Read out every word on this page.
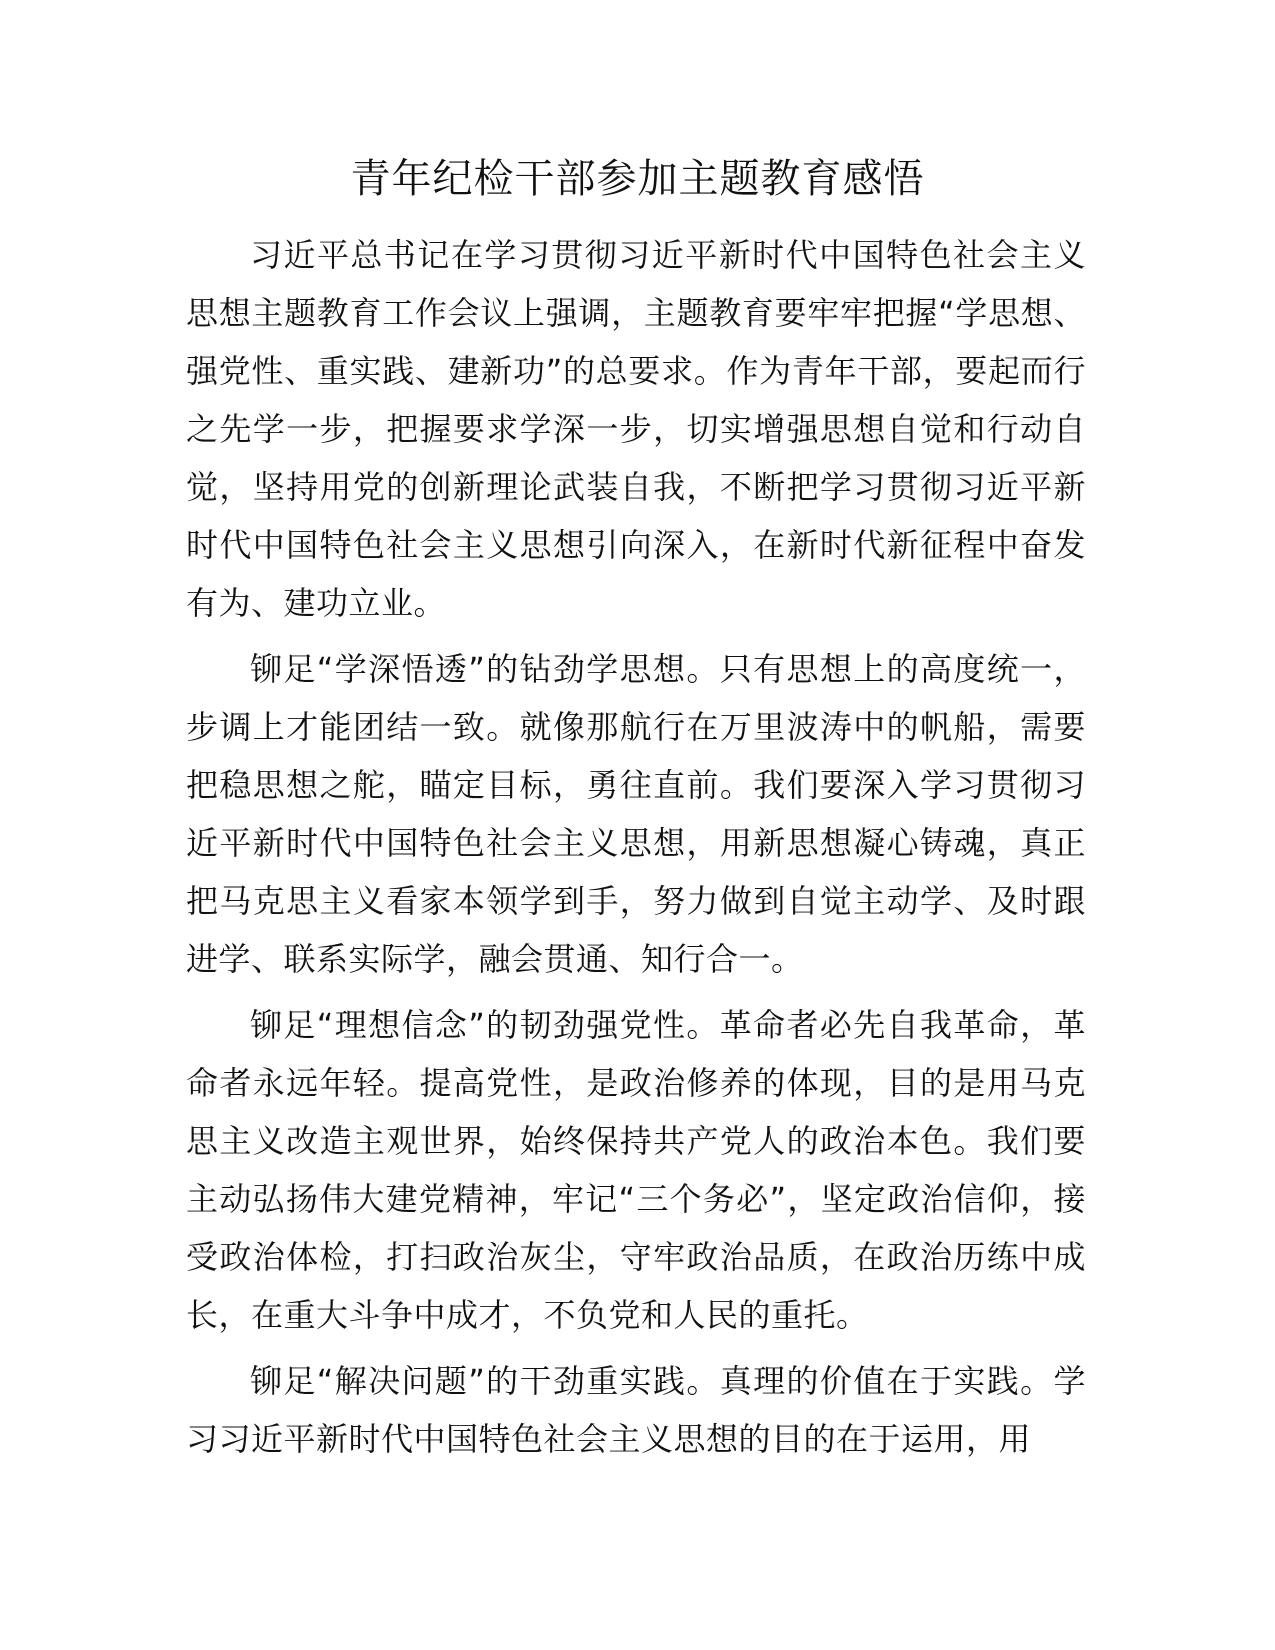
青年纪检干部参加主题教育感悟

习近平总书记在学习贯彻习近平新时代中国特色社会主义思想主题教育工作会议上强调，主题教育要牢牢把握“学思想、强党性、重实践、建新功”的总要求。作为青年干部，要起而行之先学一步，把握要求学深一步，切实增强思想自觉和行动自觉，坚持用党的创新理论武装自我，不断把学习贯彻习近平新时代中国特色社会主义思想引向深入，在新时代新征程中奋发有为、建功立业。

铆足“学深悟透”的钻劲学思想。只有思想上的高度统一，步调上才能团结一致。就像那航行在万里波涛中的帆船，需要把稳思想之舵，瞄定目标，勇往直前。我们要深入学习贯彻习近平新时代中国特色社会主义思想，用新思想凝心铸魂，真正把马克思主义看家本领学到手，努力做到自觉主动学、及时跟进学、联系实际学，融会贯通、知行合一。

铆足“理想信念”的韧劲强党性。革命者必先自我革命，革命者永远年轻。提高党性，是政治修养的体现，目的是用马克思主义改造主观世界，始终保持共产党人的政治本色。我们要主动弘扬伟大建党精神，牢记“三个务必”，坚定政治信仰，接受政治体检，打扫政治灰尘，守牢政治品质，在政治历练中成长，在重大斗争中成才，不负党和人民的重托。

铆足“解决问题”的干劲重实践。真理的价值在于实践。学习习近平新时代中国特色社会主义思想的目的在于运用，用
